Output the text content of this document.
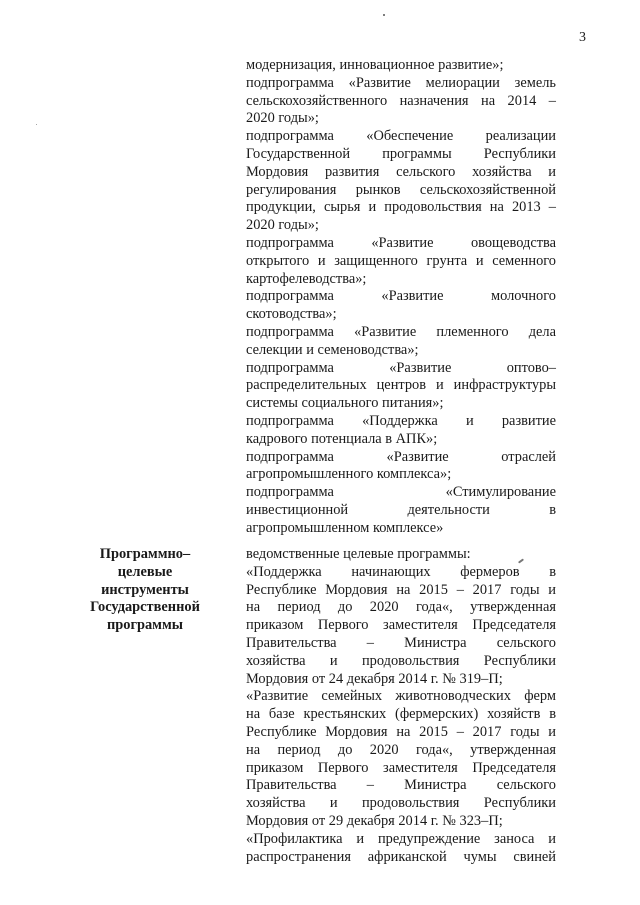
3
модернизация, инновационное развитие»;
подпрограмма «Развитие мелиорации земель
сельскохозяйственного назначения на 2014 –
2020 годы»;
подпрограмма «Обеспечение реализации
Государственной программы Республики
Мордовия развития сельского хозяйства и
регулирования рынков сельскохозяйственной
продукции, сырья и продовольствия на 2013 –
2020 годы»;
подпрограмма «Развитие овощеводства
открытого и защищенного грунта и семенного
картофелеводства»;
подпрограмма «Развитие молочного
скотоводства»;
подпрограмма «Развитие племенного дела
селекции и семеноводства»;
подпрограмма «Развитие оптово–
распределительных центров и инфраструктуры
системы социального питания»;
подпрограмма «Поддержка и развитие
кадрового потенциала в АПК»;
подпрограмма «Развитие отраслей
агропромышленного комплекса»;
подпрограмма «Стимулирование
инвестиционной деятельности в
агропромышленном комплексе»
Программно–
целевые
инструменты
Государственной
программы
ведомственные целевые программы:
«Поддержка начинающих фермеров в
Республике Мордовия на 2015 – 2017 годы и
на период до 2020 года«, утвержденная
приказом Первого заместителя Председателя
Правительства – Министра сельского
хозяйства и продовольствия Республики
Мордовия от 24 декабря 2014 г. № 319–П;
«Развитие семейных животноводческих ферм
на базе крестьянских (фермерских) хозяйств в
Республике Мордовия на 2015 – 2017 годы и
на период до 2020 года«, утвержденная
приказом Первого заместителя Председателя
Правительства – Министра сельского
хозяйства и продовольствия Республики
Мордовия от 29 декабря 2014 г. № 323–П;
«Профилактика и предупреждение заноса и
распространения африканской чумы свиней
